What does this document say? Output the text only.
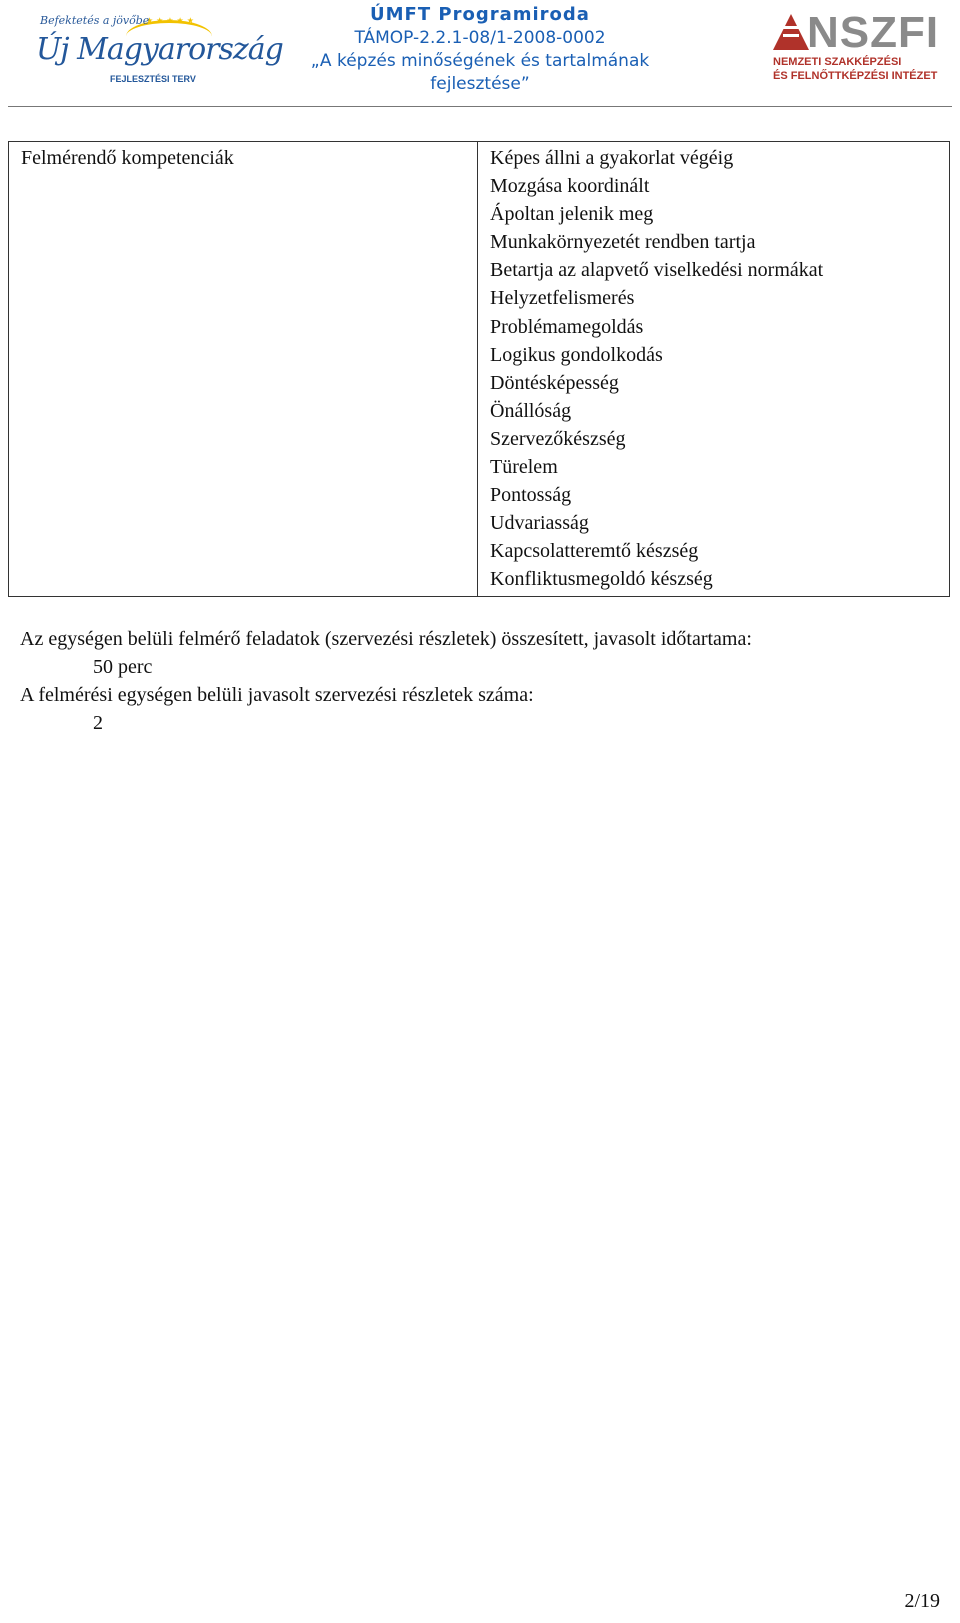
★★★★★
Befektetés a jövőbe
Új Magyarország
FEJLESZTÉSI TERV
ÚMFT Programiroda
TÁMOP-2.2.1-08/1-2008-0002
„A képzés minőségének és tartalmának
fejlesztése”
NSZFI
NEMZETI SZAKKÉPZÉSI
ÉS FELNŐTTKÉPZÉSI INTÉZET
Felmérendő kompetenciák	Képes állni a gyakorlat végéig
Mozgása koordinált
Ápoltan jelenik meg
Munkakörnyezetét rendben tartja
Betartja az alapvető viselkedési normákat
Helyzetfelismerés
Problémamegoldás
Logikus gondolkodás
Döntésképesség
Önállóság
Szervezőkészség
Türelem
Pontosság
Udvariasság
Kapcsolatteremtő készség
Konfliktusmegoldó készség
Az egységen belüli felmérő feladatok (szervezési részletek) összesített, javasolt időtartama:
50 perc
A felmérési egységen belüli javasolt szervezési részletek száma:
2
2/19
